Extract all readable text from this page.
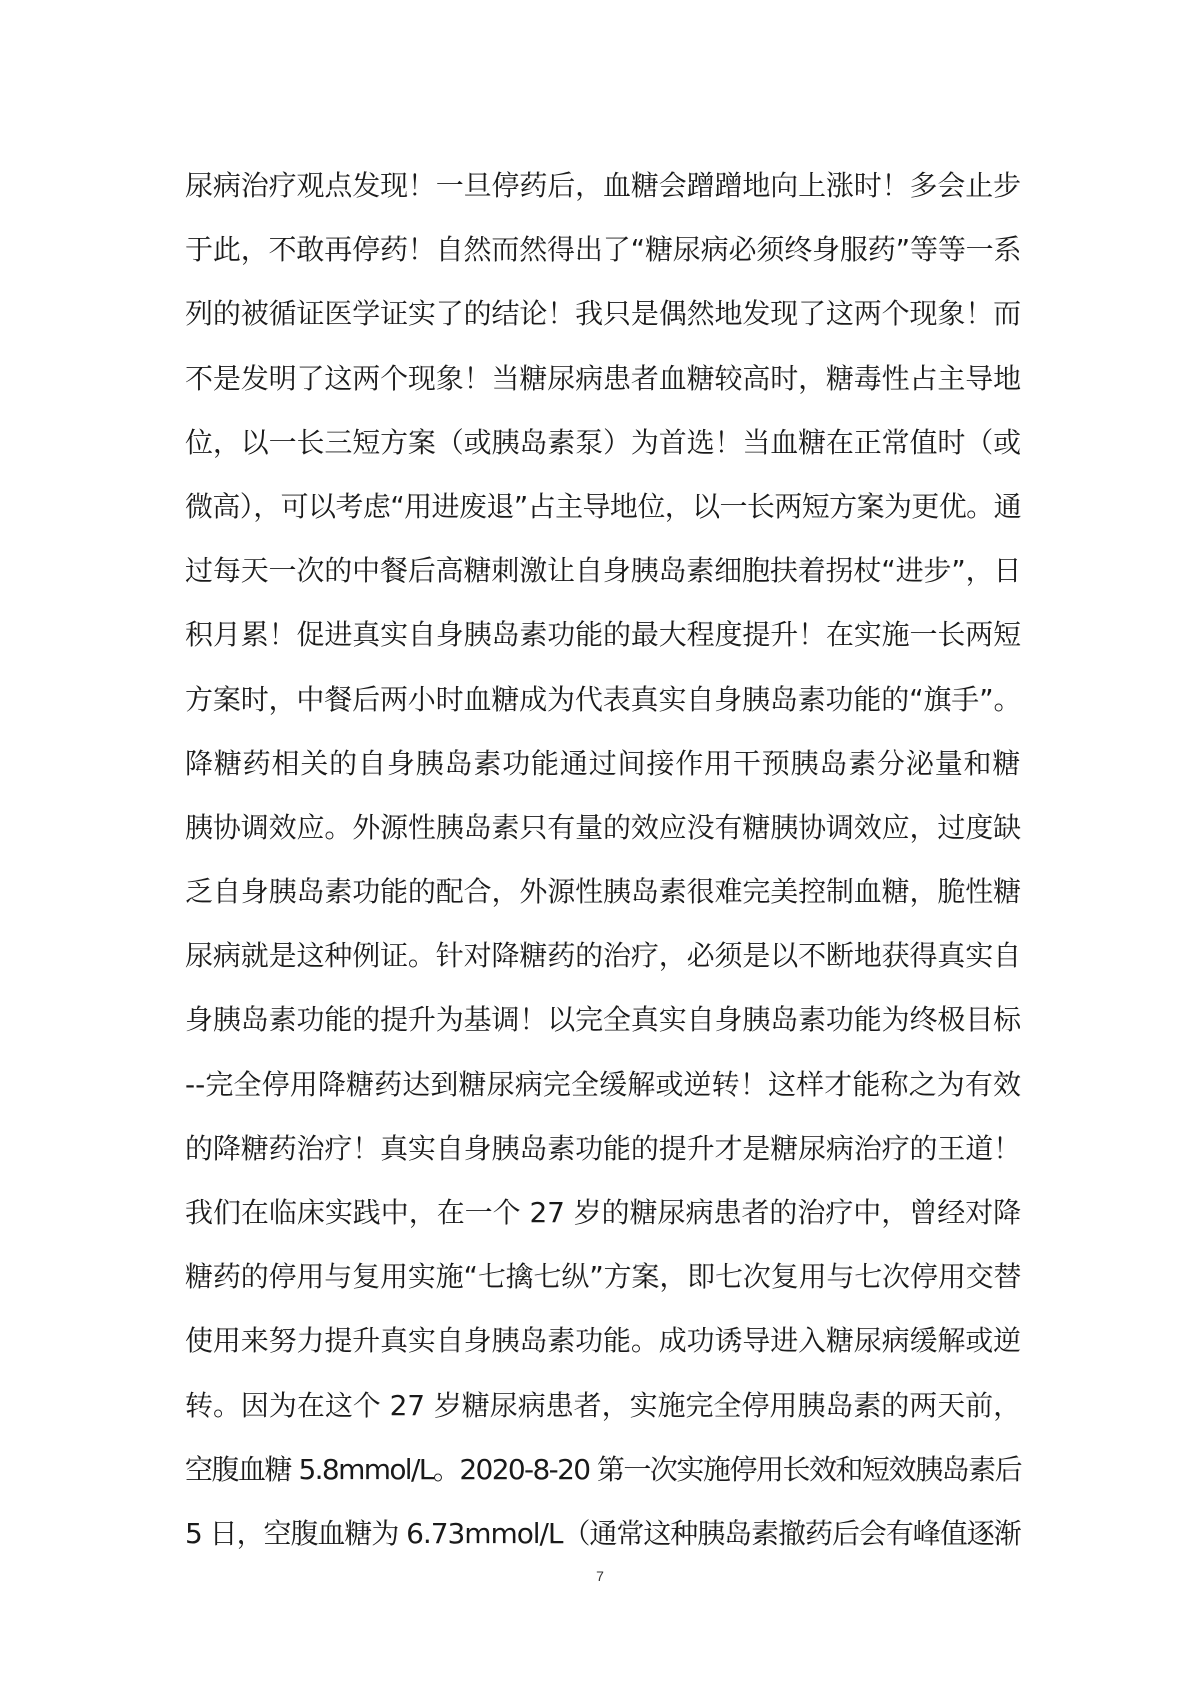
尿病治疗观点发现！一旦停药后，血糖会蹭蹭地向上涨时！多会止步
于此，不敢再停药！自然而然得出了“糖尿病必须终身服药”等等一系
列的被循证医学证实了的结论！我只是偶然地发现了这两个现象！而
不是发明了这两个现象！当糖尿病患者血糖较高时，糖毒性占主导地
位，以一长三短方案（或胰岛素泵）为首选！当血糖在正常值时（或
微高），可以考虑“用进废退”占主导地位，以一长两短方案为更优。通
过每天一次的中餐后高糖刺激让自身胰岛素细胞扶着拐杖“进步”，日
积月累！促进真实自身胰岛素功能的最大程度提升！在实施一长两短
方案时，中餐后两小时血糖成为代表真实自身胰岛素功能的“旗手”。
降糖药相关的自身胰岛素功能通过间接作用干预胰岛素分泌量和糖
胰协调效应。外源性胰岛素只有量的效应没有糖胰协调效应，过度缺
乏自身胰岛素功能的配合，外源性胰岛素很难完美控制血糖，脆性糖
尿病就是这种例证。针对降糖药的治疗，必须是以不断地获得真实自
身胰岛素功能的提升为基调！以完全真实自身胰岛素功能为终极目标
--完全停用降糖药达到糖尿病完全缓解或逆转！这样才能称之为有效
的降糖药治疗！真实自身胰岛素功能的提升才是糖尿病治疗的王道！
我们在临床实践中，在一个 27 岁的糖尿病患者的治疗中，曾经对降
糖药的停用与复用实施“七擒七纵”方案，即七次复用与七次停用交替
使用来努力提升真实自身胰岛素功能。成功诱导进入糖尿病缓解或逆
转。因为在这个 27 岁糖尿病患者，实施完全停用胰岛素的两天前，
空腹血糖 5.8mmol/L。2020-8-20 第一次实施停用长效和短效胰岛素后
5 日，空腹血糖为 6.73mmol/L（通常这种胰岛素撤药后会有峰值逐渐
7
